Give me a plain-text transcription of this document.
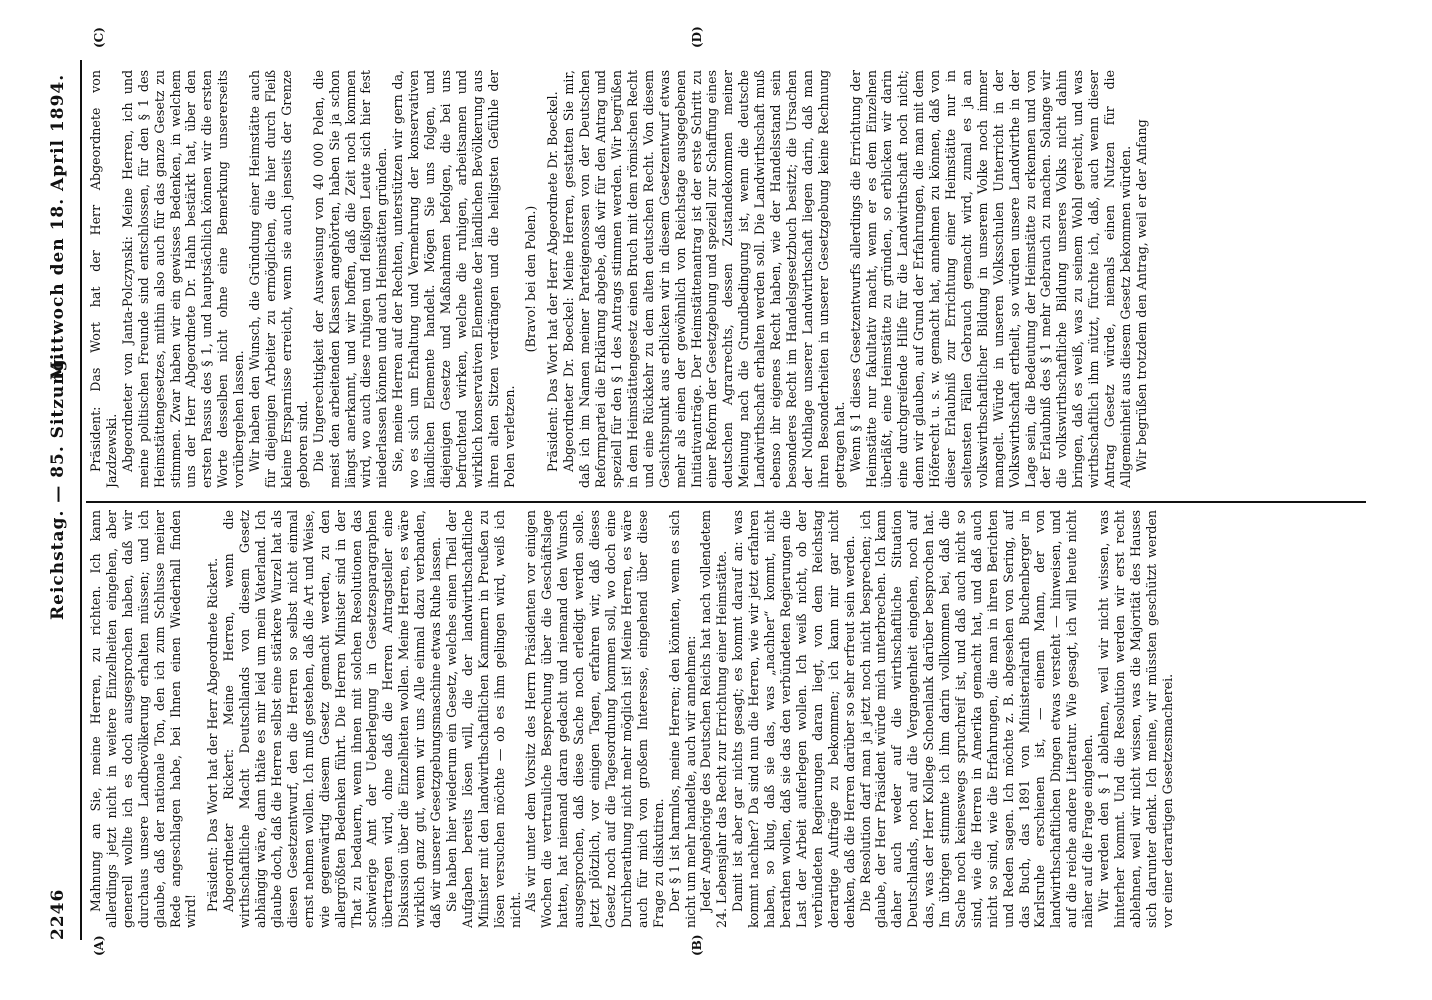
2246
Reichstag. — 85. Sitzung.
Mittwoch den 18. April 1894.
(A)	(B)
(C)	(D)

Mahnung an Sie, meine Herren, zu richten. Ich kann allerdings jetzt nicht in weitere Einzelheiten eingehen, aber generell wollte ich es doch ausgesprochen haben, daß wir durchaus unsere Landbevölkerung erhalten müssen; und ich glaube, daß der nationale Ton, den ich zum Schlusse meiner Rede angeschlagen habe, bei Ihnen einen Wiederhall finden wird! Präsident: Das Wort hat der Herr Abgeordnete Rickert. Abgeordneter Rickert: Meine Herren, wenn die wirthschaftliche Macht Deutschlands von diesem Gesetz abhängig wäre, dann thäte es mir leid um mein Vaterland. Ich glaube doch, daß die Herren selbst eine stärkere Wurzel hat als diesen Gesetzentwurf, den die Herren so selbst nicht einmal ernst nehmen wollen. Ich muß gestehen, daß die Art und Weise, wie gegenwärtig diesem Gesetz gemacht werden, zu den allergrößten Bedenken führt. Die Herren Minister sind in der That zu bedauern, wenn ihnen mit solchen Resolutionen das schwierige Amt der Ueberlegung in Gesetzesparagraphen übertragen wird, ohne daß die Herren Antragsteller eine Diskussion über die Einzelheiten wollen. Meine Herren, es wäre wirklich ganz gut, wenn wir uns Alle einmal dazu verbanden, daß wir unserer Gesetzgebungsmaschine etwas Ruhe lassen. Sie haben hier wiederum ein Gesetz, welches einen Theil der Aufgaben bereits lösen will, die der landwirthschaftliche Minister mit den landwirthschaftlichen Kammern in Preußen zu lösen versuchen möchte — ob es ihm gelingen wird, weiß ich nicht. Als wir unter dem Vorsitz des Herrn Präsidenten vor einigen Wochen die vertrauliche Besprechung über die Geschäftslage hatten, hat niemand daran gedacht und niemand den Wunsch ausgesprochen, daß diese Sache noch erledigt werden solle. Jetzt plötzlich, vor einigen Tagen, erfahren wir, daß dieses Gesetz noch auf die Tagesordnung kommen soll, wo doch eine Durchberathung nicht mehr möglich ist! Meine Herren, es wäre auch für mich von großem Interesse, eingehend über diese Frage zu diskutiren. Der § 1 ist harmlos, meine Herren; den könnten, wenn es sich nicht um mehr handelte, auch wir annehmen: Jeder Angehörige des Deutschen Reichs hat nach vollendetem 24. Lebensjahr das Recht zur Errichtung einer Heimstätte. Damit ist aber gar nichts gesagt; es kommt darauf an: was kommt nachher? Da sind nun die Herren, wie wir jetzt erfahren haben, so klug, daß sie das, was „nachher“ kommt, nicht berathen wollen, daß sie das den verbündeten Regierungen die Last der Arbeit auferlegen wollen. Ich weiß nicht, ob der verbündeten Regierungen daran liegt, von dem Reichstag derartige Aufträge zu bekommen; ich kann mir gar nicht denken, daß die Herren darüber so sehr erfreut sein werden. Die Resolution darf man ja jetzt noch nicht besprechen; ich glaube, der Herr Präsident würde mich unterbrechen. Ich kann daher auch weder auf die wirthschaftliche Situation Deutschlands, noch auf die Vergangenheit eingehen, noch auf das, was der Herr Kollege Schoenlank darüber besprochen hat. Im übrigen stimmte ich ihm darin vollkommen bei, daß die Sache noch keineswegs spruchreif ist, und daß auch nicht so sind, wie die Herren in Amerika gemacht hat, und daß auch nicht so sind, wie die Erfahrungen, die man in ihren Berichten und Reden sagen. Ich möchte z. B. abgesehen von Sering, auf das Buch, das 1891 von Ministerialrath Buchenberger in Karlsruhe erschienen ist, — einem Mann, der von landwirthschaftlichen Dingen etwas versteht — hinweisen, und auf die reiche andere Literatur. Wie gesagt, ich will heute nicht näher auf die Frage eingehen. Wir werden den § 1 ablehnen, weil wir nicht wissen, was hinterher kommt. Und die Resolution werden wir erst recht ablehnen, weil wir nicht wissen, was die Majorität des Hauses sich darunter denkt. Ich meine, wir müssten geschützt werden vor einer derartigen Gesetzesmacherei.

Präsident: Das Wort hat der Herr Abgeordnete von Jazdzewski. Abgeordneter von Janta-Polczynski: Meine Herren, ich und meine politischen Freunde sind entschlossen, für den § 1 des Heimstättengesetzes, mithin also auch für das ganze Gesetz zu stimmen. Zwar haben wir ein gewisses Bedenken, in welchem uns der Herr Abgeordnete Dr. Hahn bestärkt hat, über den ersten Passus des § 1, und hauptsächlich können wir die ersten Worte desselben nicht ohne eine Bemerkung unsererseits vorübergehen lassen. Wir haben den Wunsch, die Gründung einer Heimstätte auch für diejenigen Arbeiter zu ermöglichen, die hier durch Fleiß kleine Ersparnisse erreicht, wenn sie auch jenseits der Grenze geboren sind. Die Ungerechtigkeit der Ausweisung von 40 000 Polen, die meist den arbeitenden Klassen angehörten, haben Sie ja schon längst anerkannt, und wir hoffen, daß die Zeit noch kommen wird, wo auch diese ruhigen und fleißigen Leute sich hier fest niederlassen können und auch Heimstätten gründen. Sie, meine Herren auf der Rechten, unterstützen wir gern da, wo es sich um Erhaltung und Vermehrung der konservativen ländlichen Elemente handelt. Mögen Sie uns folgen, und diejenigen Gesetze und Maßnahmen befolgen, die bei uns befruchtend wirken, welche die ruhigen, arbeitsamen und wirklich konservativen Elemente der ländlichen Bevölkerung aus ihren alten Sitzen verdrängen und die heiligsten Gefühle der Polen verletzen.

(Bravo! bei den Polen.) Präsident: Das Wort hat der Herr Abgeordnete Dr. Boeckel. Abgeordneter Dr. Boeckel: Meine Herren, gestatten Sie mir, daß ich im Namen meiner Parteigenossen von der Deutschen Reformpartei die Erklärung abgebe, daß wir für den Antrag und speziell für den § 1 des Antrags stimmen werden. Wir begrüßen in dem Heimstättengesetz einen Bruch mit dem römischen Recht und eine Rückkehr zu dem alten deutschen Recht. Von diesem Gesichtspunkt aus erblicken wir in diesem Gesetzentwurf etwas mehr als einen der gewöhnlich von Reichstage ausgegebenen Initiativanträge. Der Heimstättenantrag ist der erste Schritt zu einer Reform der Gesetzgebung und speziell zur Schaffung eines deutschen Agrarrechts, dessen Zustandekommen meiner Meinung nach die Grundbedingung ist, wenn die deutsche Landwirthschaft erhalten werden soll. Die Landwirthschaft muß ebenso ihr eigenes Recht haben, wie der Handelsstand sein besonderes Recht im Handelsgesetzbuch besitzt; die Ursachen der Nothlage unserer Landwirthschaft liegen darin, daß man ihren Besonderheiten in unserer Gesetzgebung keine Rechnung getragen hat. Wenn § 1 dieses Gesetzentwurfs allerdings die Errichtung der Heimstätte nur fakultativ macht, wenn er es dem Einzelnen überläßt, eine Heimstätte zu gründen, so erblicken wir darin eine durchgreifende Hilfe für die Landwirthschaft noch nicht; denn wir glauben, auf Grund der Erfahrungen, die man mit dem Höferecht u. s. w. gemacht hat, annehmen zu können, daß von dieser Erlaubniß zur Errichtung einer Heimstätte nur in seltensten Fällen Gebrauch gemacht wird, zumal es ja an volkswirthschaftlicher Bildung in unserem Volke noch immer mangelt. Würde in unseren Volksschulen Unterricht in der Volkswirthschaft ertheilt, so würden unsere Landwirthe in der Lage sein, die Bedeutung der Heimstätte zu erkennen und von der Erlaubniß des § 1 mehr Gebrauch zu machen. Solange wir die volkswirthschaftliche Bildung unseres Volks nicht dahin bringen, daß es weiß, was zu seinem Wohl gereicht, und was wirthschaftlich ihm nützt, fürchte ich, daß, auch wenn dieser Antrag Gesetz würde, niemals einen Nutzen für die Allgemeinheit aus diesem Gesetz bekommen würden. Wir begrüßen trotzdem den Antrag, weil er der Anfang
